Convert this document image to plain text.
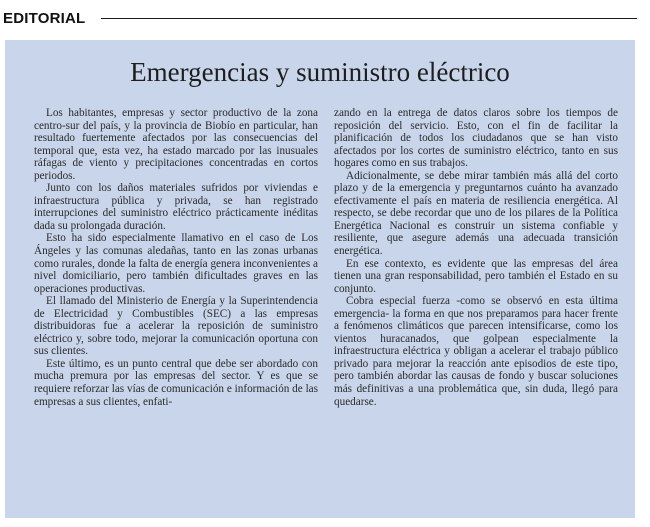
EDITORIAL
Emergencias y suministro eléctrico

Los habitantes, empresas y sector productivo de la zona centro-sur del país, y la provincia de Biobío en particular, han resultado fuertemente afectados por las consecuencias del temporal que, esta vez, ha estado marcado por las inusuales ráfagas de viento y precipitaciones concentradas en cortos periodos.

Junto con los daños materiales sufridos por viviendas e infraestructura pública y privada, se han registrado interrupciones del suministro eléctrico prácticamente inéditas dada su prolongada duración.

Esto ha sido especialmente llamativo en el caso de Los Ángeles y las comunas aledañas, tanto en las zonas urbanas como rurales, donde la falta de energía genera inconvenientes a nivel domiciliario, pero también dificultades graves en las operaciones productivas.

El llamado del Ministerio de Energía y la Superintendencia de Electricidad y Combustibles (SEC) a las empresas distribuidoras fue a acelerar la reposición de suministro eléctrico y, sobre todo, mejorar la comunicación oportuna con sus clientes.

Este último, es un punto central que debe ser abordado con mucha premura por las empresas del sector. Y es que se requiere reforzar las vías de comunicación e información de las empresas a sus clientes, enfati-

zando en la entrega de datos claros sobre los tiempos de reposición del servicio. Esto, con el fin de facilitar la planificación de todos los ciudadanos que se han visto afectados por los cortes de suministro eléctrico, tanto en sus hogares como en sus trabajos.

Adicionalmente, se debe mirar también más allá del corto plazo y de la emergencia y preguntarnos cuánto ha avanzado efectivamente el país en materia de resiliencia energética. Al respecto, se debe recordar que uno de los pilares de la Política Energética Nacional es construir un sistema confiable y resiliente, que asegure además una adecuada transición energética.

En ese contexto, es evidente que las empresas del área tienen una gran responsabilidad, pero también el Estado en su conjunto.

Cobra especial fuerza -como se observó en esta última emergencia- la forma en que nos preparamos para hacer frente a fenómenos climáticos que parecen intensificarse, como los vientos huracanados, que golpean especialmente la infraestructura eléctrica y obligan a acelerar el trabajo público privado para mejorar la reacción ante episodios de este tipo, pero también abordar las causas de fondo y buscar soluciones más definitivas a una problemática que, sin duda, llegó para quedarse.
